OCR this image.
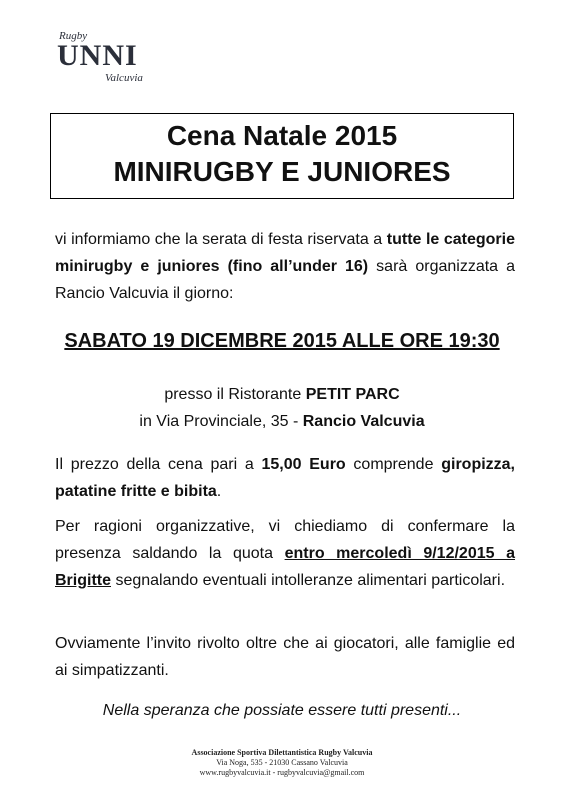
Rugby
UNNI
Valcuvia
Cena Natale 2015
MINIRUGBY E JUNIORES
vi informiamo che la serata di festa riservata a tutte le categorie minirugby e juniores (fino all’under 16) sarà organizzata a Rancio Valcuvia il giorno:
SABATO 19 DICEMBRE 2015 ALLE ORE 19:30
presso il Ristorante PETIT PARC
in Via Provinciale, 35 - Rancio Valcuvia
Il prezzo della cena pari a 15,00 Euro comprende giropizza, patatine fritte e bibita.
Per ragioni organizzative, vi chiediamo di confermare la presenza saldando la quota entro mercoledì 9/12/2015 a Brigitte segnalando eventuali intolleranze alimentari particolari.
Ovviamente l’invito rivolto oltre che ai giocatori, alle famiglie ed ai simpatizzanti.
Nella speranza che possiate essere tutti presenti...
Associazione Sportiva Dilettantistica Rugby Valcuvia
Via Noga, 535 - 21030 Cassano Valcuvia
www.rugbyvalcuvia.it - rugbyvalcuvia@gmail.com
